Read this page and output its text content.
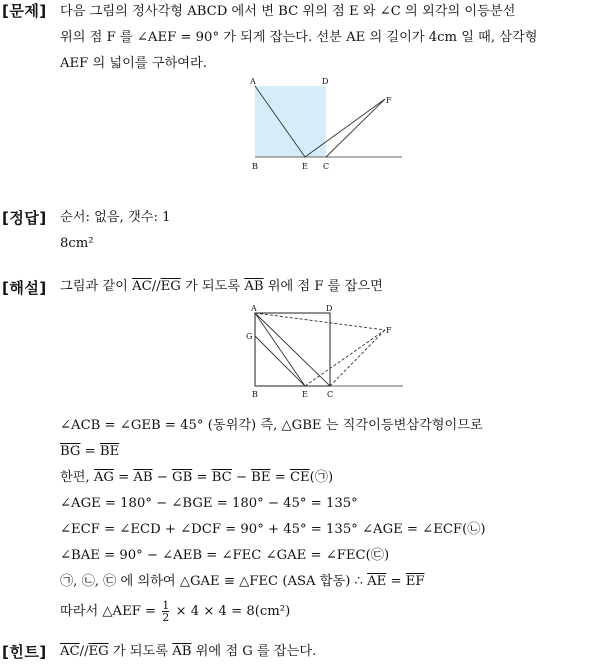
[문제] 다음 그림의 정사각형 ABCD 에서 변 BC 위의 점 E 와 ∠C 의 외각의 이등분선
위의 점 F 를 ∠AEF = 90° 가 되게 잡는다. 선분 AE 의 길이가 4cm 일 때, 삼각형
AEF 의 넓이를 구하여라.
A	D
F
B	E C
[정답] 순서: 없음, 갯수: 1
8cm²
[해설] 그림과 같이 $\overline{AC}//\overline{EG}$ 가 되도록 $\overline{AB}$ 위에 점 F 를 잡으면
A	D
G
F
B	E C
∠ACB = ∠GEB = 45° (동위각) 즉, △GBE 는 직각이등변삼각형이므로
$\overline{BG} = \overline{BE}$
한편, $\overline{AG} = \overline{AB} - \overline{GB} = \overline{BC} - \overline{BE}$ = $\overline{CE}(㉠)$
∠AGE = 180° − ∠BGE = 180° − 45° = 135°
∠ECF = ∠ECD + ∠DCF = 90° + 45° = 135° ∠AGE = ∠ECF(㉡)
∠BAE = 90° − ∠AEB = ∠FEC ∠GAE = ∠FEC(㉢)
㉠, ㉡, ㉢ 에 의하여 △GAE ≡ △FEC (ASA 합동) ∴ $\overline{AE} = \overline{EF}$
따라서 △AEF = $\frac{1}{2} \times 4 \times 4 = 8(cm^2)$
[힌트] $\overline{AC}//\overline{EG}$ 가 되도록 $\overline{AB}$ 위에 점 G 를 잡는다.
